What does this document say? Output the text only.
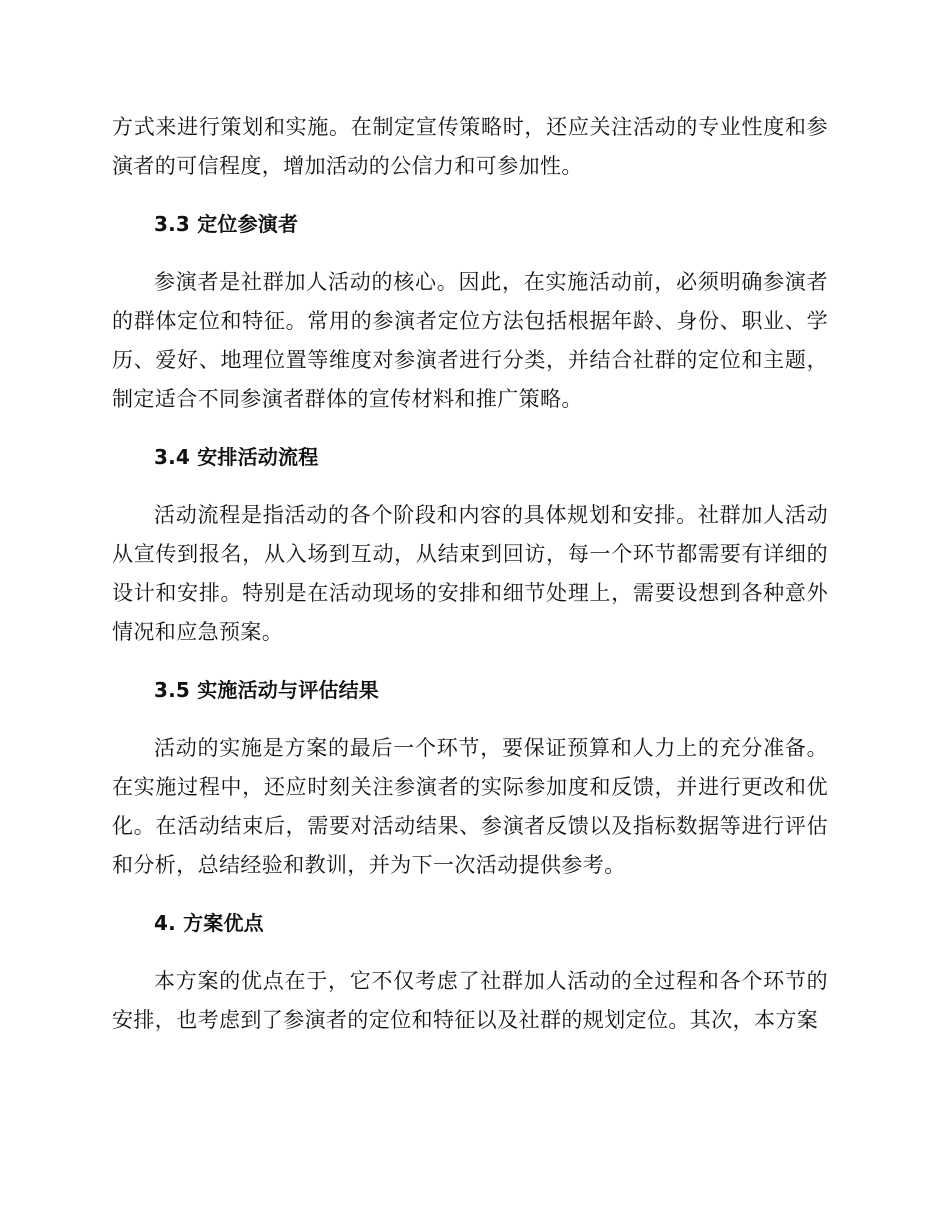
方式来进行策划和实施。在制定宣传策略时，还应关注活动的专业性度和参演者的可信程度，增加活动的公信力和可参加性。

3.3 定位参演者

参演者是社群加人活动的核心。因此，在实施活动前，必须明确参演者的群体定位和特征。常用的参演者定位方法包括根据年龄、身份、职业、学历、爱好、地理位置等维度对参演者进行分类，并结合社群的定位和主题，制定适合不同参演者群体的宣传材料和推广策略。

3.4 安排活动流程

活动流程是指活动的各个阶段和内容的具体规划和安排。社群加人活动从宣传到报名，从入场到互动，从结束到回访，每一个环节都需要有详细的设计和安排。特别是在活动现场的安排和细节处理上，需要设想到各种意外情况和应急预案。

3.5 实施活动与评估结果

活动的实施是方案的最后一个环节，要保证预算和人力上的充分准备。在实施过程中，还应时刻关注参演者的实际参加度和反馈，并进行更改和优化。在活动结束后，需要对活动结果、参演者反馈以及指标数据等进行评估和分析，总结经验和教训，并为下一次活动提供参考。

4. 方案优点

本方案的优点在于，它不仅考虑了社群加人活动的全过程和各个环节的安排，也考虑到了参演者的定位和特征以及社群的规划定位。其次，本方案
